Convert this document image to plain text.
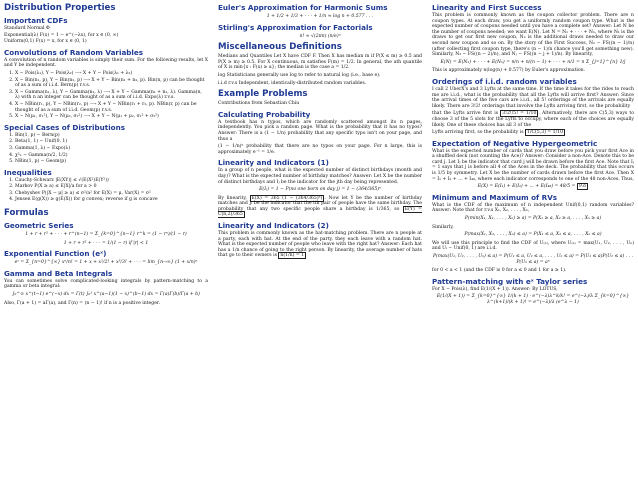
Distribution Properties
Important CDFs
Standard Normal Φ
Exponential(λ) F(x) = 1 − e^(−λx), for x ∈ (0, ∞)
Uniform(0,1) F(x) = x, for x ∈ (0, 1)
Convolutions of Random Variables

A convolution of n random variables is simply their sum. For the following results, let X and Y be independent.

1. X ∼ Pois(λ₁), Y ∼ Pois(λ₂) ⟶ X + Y ∼ Pois(λ₁ + λ₂)
2. X ∼ Bin(n₁, p), Y ∼ Bin(n₂, p) ⟶ X + Y ∼ Bin(n₁ + n₂, p). Bin(n, p) can be thought of as a sum of i.i.d. Bern(p) r.v.s.
3. X ∼ Gamma(n₁, λ), Y ∼ Gamma(n₂, λ) ⟶ X + Y ∼ Gamma(n₁ + n₂, λ). Gamma(n, λ) with n an integer can be thought of as a sum of i.i.d. Expo(λ) r.v.s.
4. X ∼ NBin(r₁, p), Y ∼ NBin(r₂, p) ⟶ X + Y ∼ NBin(r₁ + r₂, p). NBin(r, p) can be thought of as a sum of i.i.d. Geom(p) r.v.s.
5. X ∼ N(μ₁, σ₁²), Y ∼ N(μ₂, σ₂²) ⟶ X + Y ∼ N(μ₁ + μ₂, σ₁² + σ₂²)
Special Cases of Distributions
1. Bin(1, p) ∼ Bern(p)
2. Beta(1, 1) ∼ Unif(0, 1)
3. Gamma(1, λ) ∼ Expo(λ)
4. χ²ₙ ∼ Gamma(n/2, 1/2)
5. NBin(1, p) ∼ Geom(p)
Inequalities
1. Cauchy-Schwarz |E(XY)| ≤ √(E(X²)E(Y²))
2. Markov P(X ≥ a) ≤ E|X|/a for a > 0
3. Chebyshev P(|X − μ| ≥ a) ≤ σ²/a² for E(X) = μ, Var(X) = σ²
4. Jensen E(g(X)) ≥ g(E(X)) for g convex; reverse if g is concave
Formulas
Geometric Series
1 + r + r² + · · · + r^(n−1) = Σ_{k=0}^{n−1} r^k = (1 − rⁿ)/(1 − r)
1 + r + r² + · · · = 1/(1 − r) if |r| < 1
Exponential Function (eˣ)
eˣ = Σ_{n=0}^{∞} xⁿ/n! = 1 + x + x²/2! + x³/3! + · · · = lim_{n→∞} (1 + x/n)ⁿ
Gamma and Beta Integrals

You can sometimes solve complicated-looking integrals by pattern-matching to a gamma or beta integral:

∫₀^∞ x^(t−1) e^(−x) dx = Γ(t) ∫₀¹ x^(a−1)(1 − x)^(b−1) dx = Γ(a)Γ(b)/Γ(a + b)

Also, Γ(a + 1) = aΓ(a), and Γ(n) = (n − 1)! if n is a positive integer.

Euler's Approximation for Harmonic Sums
1 + 1/2 + 1/3 + · · · + 1/n ≈ log n + 0.577 . . .
Stirling's Approximation for Factorials
n! ≈ √(2πn) (n/e)ⁿ
Miscellaneous Definitions

Medians and Quantiles Let X have CDF F. Then X has median m if P(X ≤ m) ≥ 0.5 and P(X ≥ m) ≥ 0.5. For X continuous, m satisfies F(m) = 1/2. In general, the ath quantile of X is min{x : F(x) ≥ a}; the median is the case a = 1/2.

log Statisticians generally use log to refer to natural log (i.e., base e).

i.i.d r.v.s Independent, identically-distributed random variables.

Example Problems

Contributions from Sebastian Chiu

Calculating Probability

A textbook has n typos, which are randomly scattered amongst its n pages, independently. You pick a random page. What is the probability that it has no typos? Answer: There is a (1 − 1/n) probability that any specific typo isn't on your page, and thus a

(1 − 1/n)ⁿ probability that there are no typos on your page. For n large, this is approximately e⁻¹ = 1/e.

Linearity and Indicators (1)

In a group of n people, what is the expected number of distinct birthdays (month and day)? What is the expected number of birthday matches? Answer: Let X be the number of distinct birthdays and Iⱼ be the indicator for the jth day being represented.

E(Iⱼ) = 1 − P(no one born on day j) = 1 − (364/365)ⁿ

By linearity, E(X) = 365 (1 − (364/365)ⁿ) . Now let Y be the number of birthday matches and Jᵢ be the indicator that the ith pair of people have the same birthday. The probability that any two specific people share a birthday is 1/365, so E(Y) = C(n,2)/365

Linearity and Indicators (2)

This problem is commonly known as the hat-matching problem. There are n people at a party, each with hat. At the end of the party, they each leave with a random hat. What is the expected number of people who leave with the right hat? Answer: Each hat has a 1/n chance of going to the right person. By linearity, the average number of hats that go to their owners is n(1/n) = 1

Linearity and First Success

This problem is commonly known as the coupon collector problem. There are n coupon types. At each draw, you get a uniformly random coupon type. What is the expected number of coupons needed until you have a complete set? Answer: Let N be the number of coupons needed; we want E(N). Let N = N₁ + · · · + Nₙ, where N₁ is the draws to get our first new coupon, N₂ is the additional draws needed to draw our second new coupon and so on. By the story of the First Success, N₂ ∼ FS((n − 1)/n) (after collecting first coupon type, there's (n − 1)/n chance you'll get something new). Similarly, N₃ ∼ FS((n − 2)/n), and Nⱼ ∼ FS((n − j + 1)/n). By linearity,

E(N) = E(N₁) + · · · + E(Nₙ) = n/n + n/(n − 1) + · · · + n/1 = n Σ_{j=1}^{n} 1/j

This is approximately n(log(n) + 0.577) by Euler's approximation.

Orderings of i.i.d. random variables

I call 2 UberX's and 3 Lyfts at the same time. If the time it takes for the rides to reach me are i.i.d., what is the probability that all the Lyfts will arrive first? Answer: Since the arrival times of the five cars are i.i.d., all 5! orderings of the arrivals are equally likely. There are 3!2! orderings that involve the Lyfts arriving first, so the probability

that the Lyfts arrive first is 3!2!/5! = 1/10 . Alternatively, there are C(5,3) ways to choose 3 of the 5 slots for the Lyfts to occupy, where each of the choices are equally likely. One of these choices has all 3 of the

Lyfts arriving first, so the probability is 1/C(5,3) = 1/10

Expectation of Negative Hypergeometric

What is the expected number of cards that you draw before you pick your first Ace in a shuffled deck (not counting the Ace)? Answer: Consider a non-Ace. Denote this to be card j. Let Iⱼ be the indicator that card j will be drawn before the first Ace. Note that Iⱼ = 1 says that j is before all 4 of the Aces in the deck. The probability that this occurs is 1/5 by symmetry. Let X be the number of cards drawn before the first Ace. Then X = I₁ + I₂ + ... + I₄₈, where each indicator corresponds to one of the 48 non-Aces. Thus,

E(X) = E(I₁) + E(I₂) + ... + E(I₄₈) = 48/5 = 9.6
Minimum and Maximum of RVs

What is the CDF of the maximum of n independent Unif(0,1) random variables? Answer: Note that for r.v.s X₁, X₂, . . . , Xₙ,

P(min(X₁, X₂, . . . , Xₙ) ≥ a) = P(X₁ ≥ a, X₂ ≥ a, . . . , Xₙ ≥ a)

Similarly,

P(max(X₁, X₂, . . . , Xₙ) ≤ a) = P(X₁ ≤ a, X₂ ≤ a, . . . , Xₙ ≤ a)

We will use this principle to find the CDF of U₍ₙ₎, where U₍ₙ₎ = max(U₁, U₂, . . . , Uₙ) and Uᵢ ∼ Unif(0, 1) are i.i.d.

P(max(U₁, U₂, . . . , Uₙ) ≤ a) = P(U₁ ≤ a, U₂ ≤ a, . . . , Uₙ ≤ a) = P(U₁ ≤ a)P(U₂ ≤ a) . . . P(Uₙ ≤ a) = aⁿ

for 0 < a < 1 (and the CDF is 0 for a ≤ 0 and 1 for a ≥ 1).

Pattern-matching with eˣ Taylor series

For X ∼ Pois(λ), find E(1/(X + 1)). Answer: By LOTUS,

E(1/(X + 1)) = Σ_{k=0}^{∞} 1/(k + 1) · e^(−λ)λ^k/k! = e^(−λ)/λ Σ_{k=0}^{∞} λ^(k+1)/(k + 1)! = e^(−λ)/λ (e^λ − 1)
